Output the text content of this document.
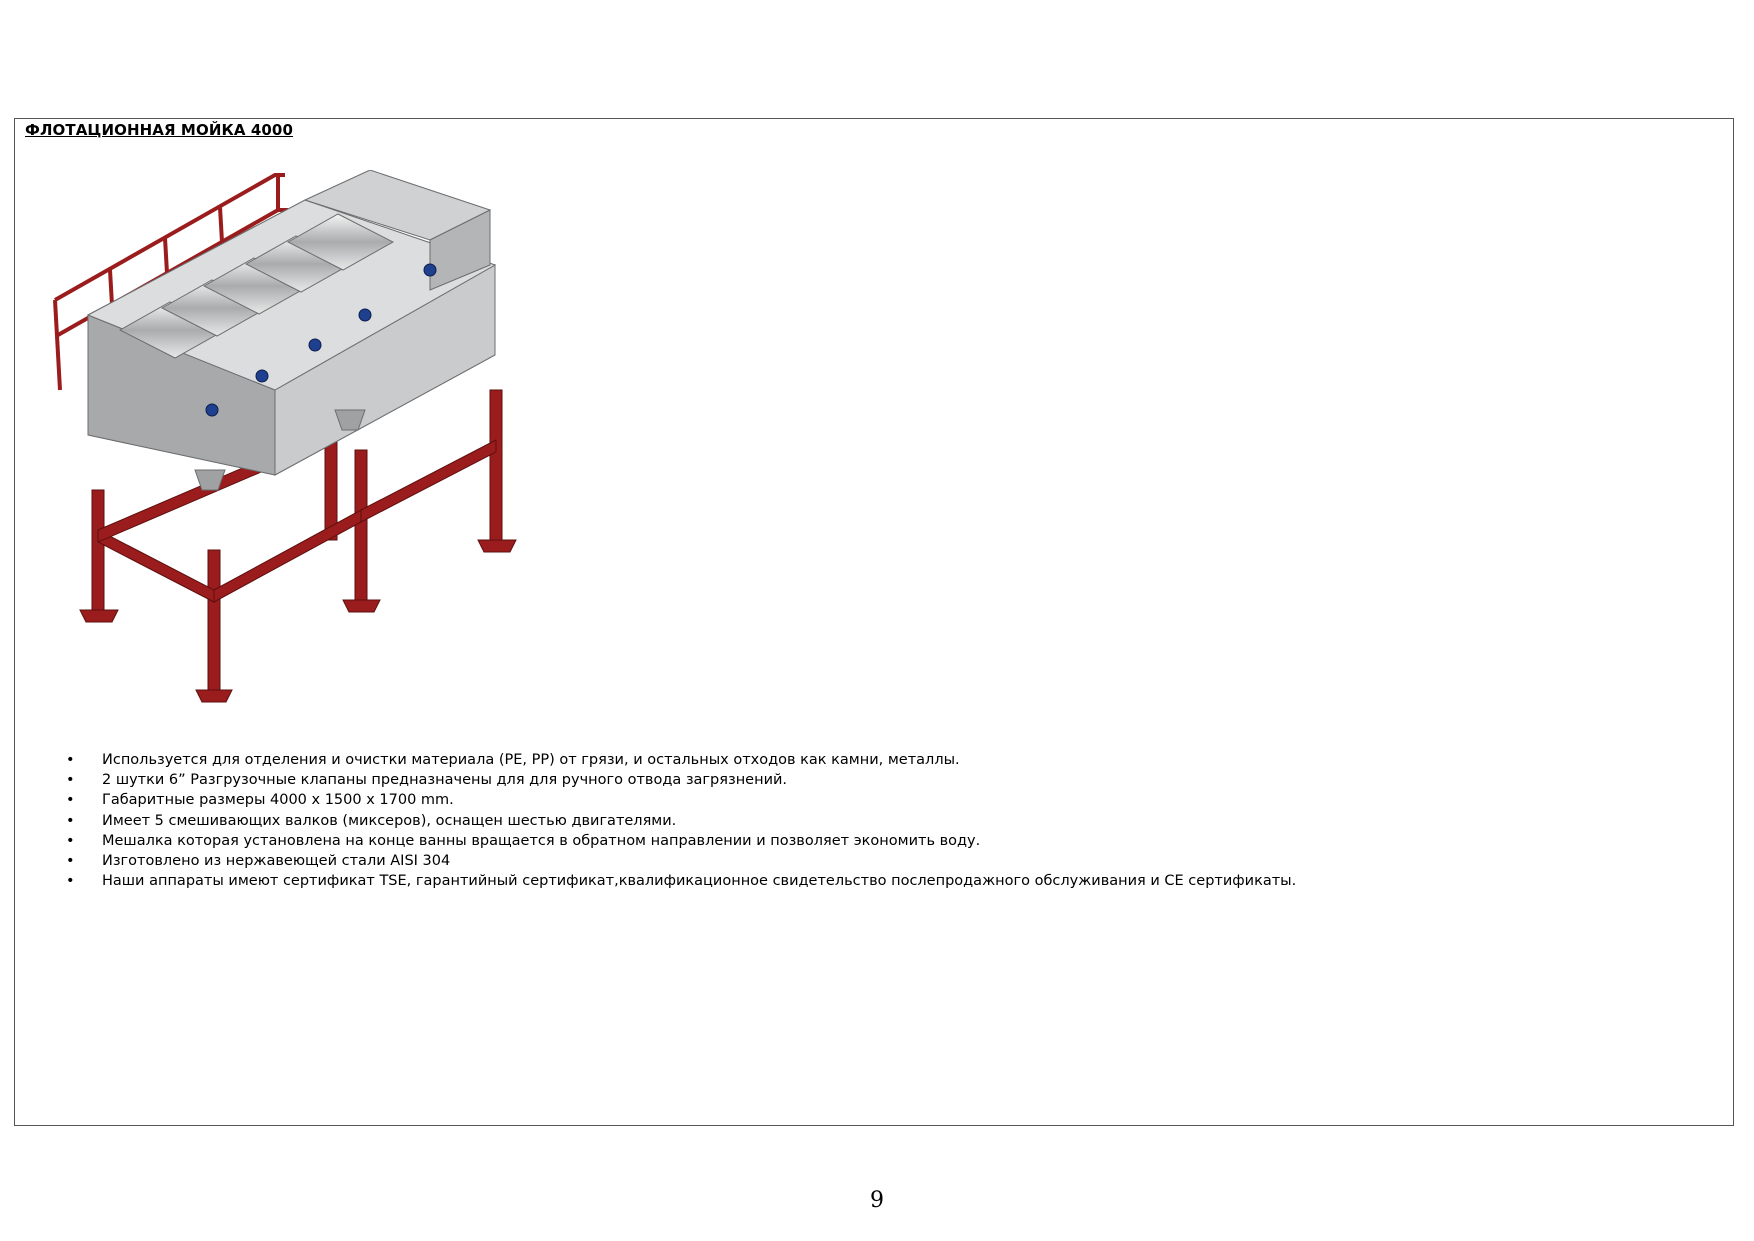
ФЛОТАЦИОННАЯ МОЙКА 4000
• Используется для отделения и очистки материала (PE, PP) от грязи, и остальных отходов как камни, металлы.
• 2 шутки 6” Разгрузочные клапаны предназначены для для ручного отвода загрязнений.
• Габаритные размеры 4000 x 1500 x 1700 mm.
• Имеет 5 смешивающих валков (миксеров), оснащен шестью двигателями.
• Мешалка которая установлена на конце ванны вращается в обратном направлении и позволяет экономить воду.
• Изготовлено из нержавеющей стали AISI 304
• Наши аппараты имеют сертификат TSE, гарантийный сертификат,квалификационное свидетельство послепродажного обслуживания и CE сертификаты.
9
